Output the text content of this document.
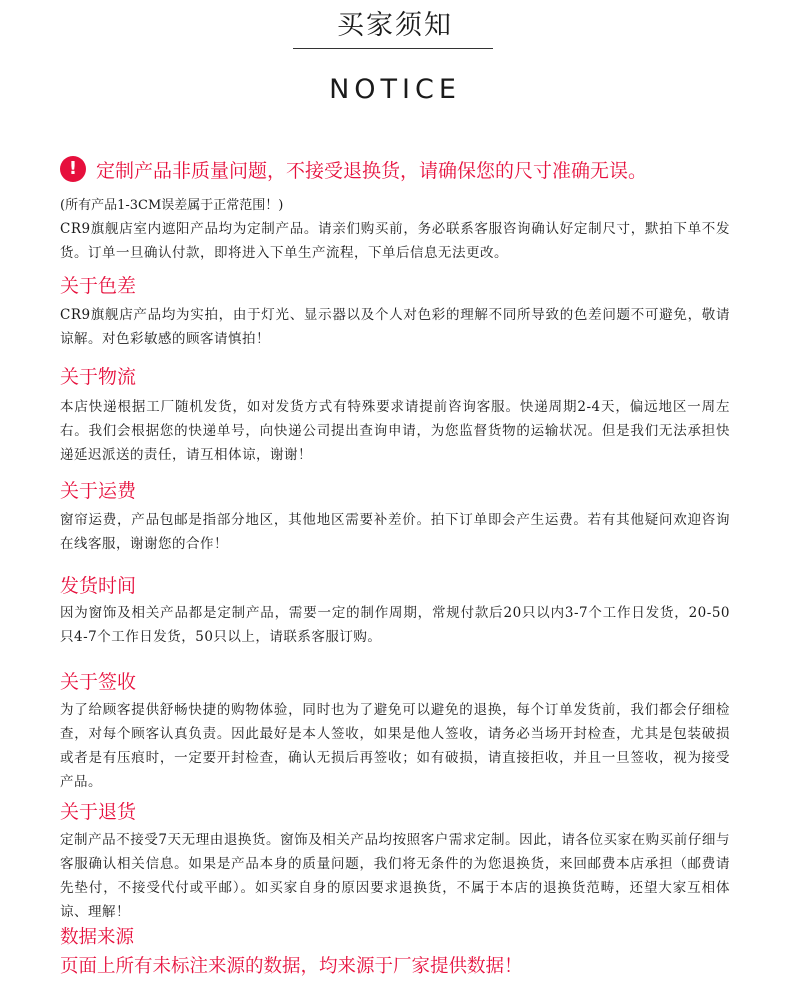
买家须知
NOTICE
! 定制产品非质量问题，不接受退换货，请确保您的尺寸准确无误。
(所有产品1-3CM误差属于正常范围！)
CR9旗舰店室内遮阳产品均为定制产品。请亲们购买前，务必联系客服咨询确认好定制尺寸，默拍下单不发货。订单一旦确认付款，即将进入下单生产流程，下单后信息无法更改。
关于色差
CR9旗舰店产品均为实拍，由于灯光、显示器以及个人对色彩的理解不同所导致的色差问题不可避免，敬请谅解。对色彩敏感的顾客请慎拍！
关于物流
本店快递根据工厂随机发货，如对发货方式有特殊要求请提前咨询客服。快递周期2-4天，偏远地区一周左右。我们会根据您的快递单号，向快递公司提出查询申请，为您监督货物的运输状况。但是我们无法承担快递延迟派送的责任，请互相体谅，谢谢！
关于运费
窗帘运费，产品包邮是指部分地区，其他地区需要补差价。拍下订单即会产生运费。若有其他疑问欢迎咨询在线客服，谢谢您的合作！
发货时间
因为窗饰及相关产品都是定制产品，需要一定的制作周期，常规付款后20只以内3-7个工作日发货，20-50只4-7个工作日发货，50只以上，请联系客服订购。
关于签收
为了给顾客提供舒畅快捷的购物体验，同时也为了避免可以避免的退换，每个订单发货前，我们都会仔细检查，对每个顾客认真负责。因此最好是本人签收，如果是他人签收，请务必当场开封检查，尤其是包装破损或者是有压痕时，一定要开封检查，确认无损后再签收；如有破损，请直接拒收，并且一旦签收，视为接受产品。
关于退货
定制产品不接受7天无理由退换货。窗饰及相关产品均按照客户需求定制。因此，请各位买家在购买前仔细与客服确认相关信息。如果是产品本身的质量问题，我们将无条件的为您退换货，来回邮费本店承担（邮费请先垫付，不接受代付或平邮）。如买家自身的原因要求退换货，不属于本店的退换货范畴，还望大家互相体谅、理解！
数据来源
页面上所有未标注来源的数据，均来源于厂家提供数据！
